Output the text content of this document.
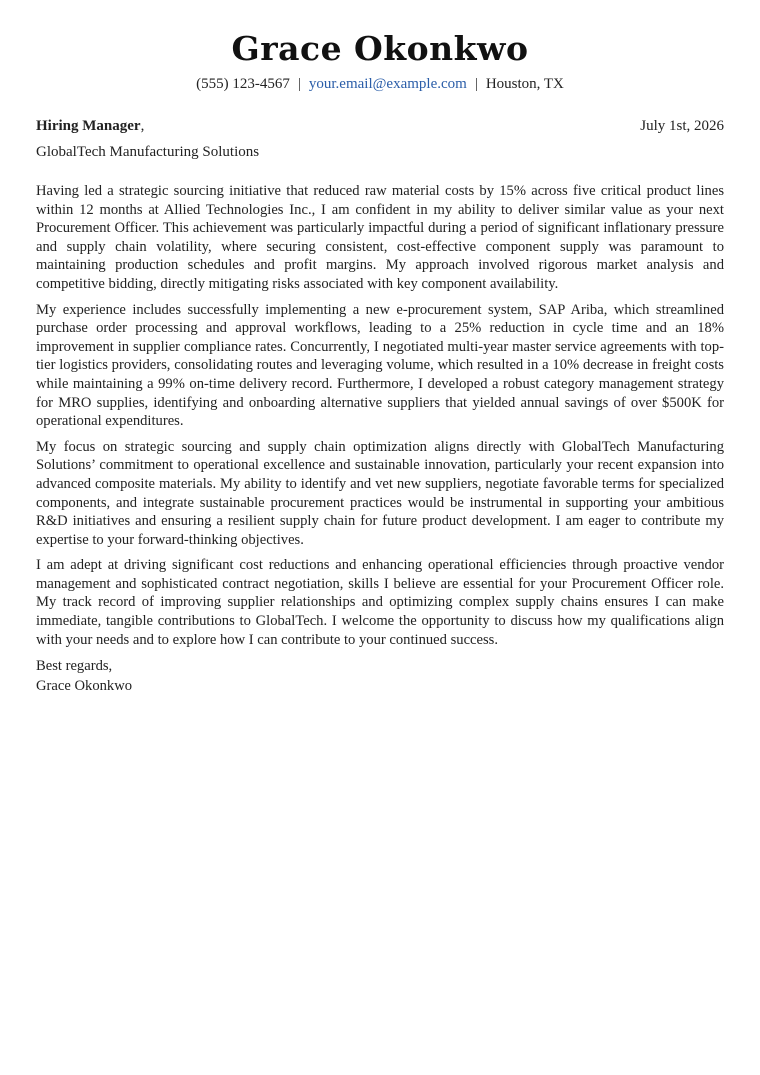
Grace Okonkwo
(555) 123-4567 | your.email@example.com | Houston, TX
Hiring Manager,	July 1st, 2026
GlobalTech Manufacturing Solutions

Having led a strategic sourcing initiative that reduced raw material costs by 15% across five critical product lines within 12 months at Allied Technologies Inc., I am confident in my ability to deliver similar value as your next Procurement Officer. This achievement was particularly impactful during a period of significant inflationary pressure and supply chain volatility, where securing consistent, cost-effective component supply was paramount to maintaining production schedules and profit margins. My approach involved rigorous market analysis and competitive bidding, directly mitigating risks associated with key component availability.

My experience includes successfully implementing a new e-procurement system, SAP Ariba, which streamlined purchase order processing and approval workflows, leading to a 25% reduction in cycle time and an 18% improvement in supplier compliance rates. Concurrently, I negotiated multi-year master service agreements with top-tier logistics providers, consolidating routes and leveraging volume, which resulted in a 10% decrease in freight costs while maintaining a 99% on-time delivery record. Furthermore, I developed a robust category management strategy for MRO supplies, identifying and onboarding alternative suppliers that yielded annual savings of over $500K for operational expenditures.

My focus on strategic sourcing and supply chain optimization aligns directly with GlobalTech Manufacturing Solutions’ commitment to operational excellence and sustainable innovation, particularly your recent expansion into advanced composite materials. My ability to identify and vet new suppliers, negotiate favorable terms for specialized components, and integrate sustainable procurement practices would be instrumental in supporting your ambitious R&D initiatives and ensuring a resilient supply chain for future product development. I am eager to contribute my expertise to your forward-thinking objectives.

I am adept at driving significant cost reductions and enhancing operational efficiencies through proactive vendor management and sophisticated contract negotiation, skills I believe are essential for your Procurement Officer role. My track record of improving supplier relationships and optimizing complex supply chains ensures I can make immediate, tangible contributions to GlobalTech. I welcome the opportunity to discuss how my qualifications align with your needs and to explore how I can contribute to your continued success.

Best regards,
Grace Okonkwo
